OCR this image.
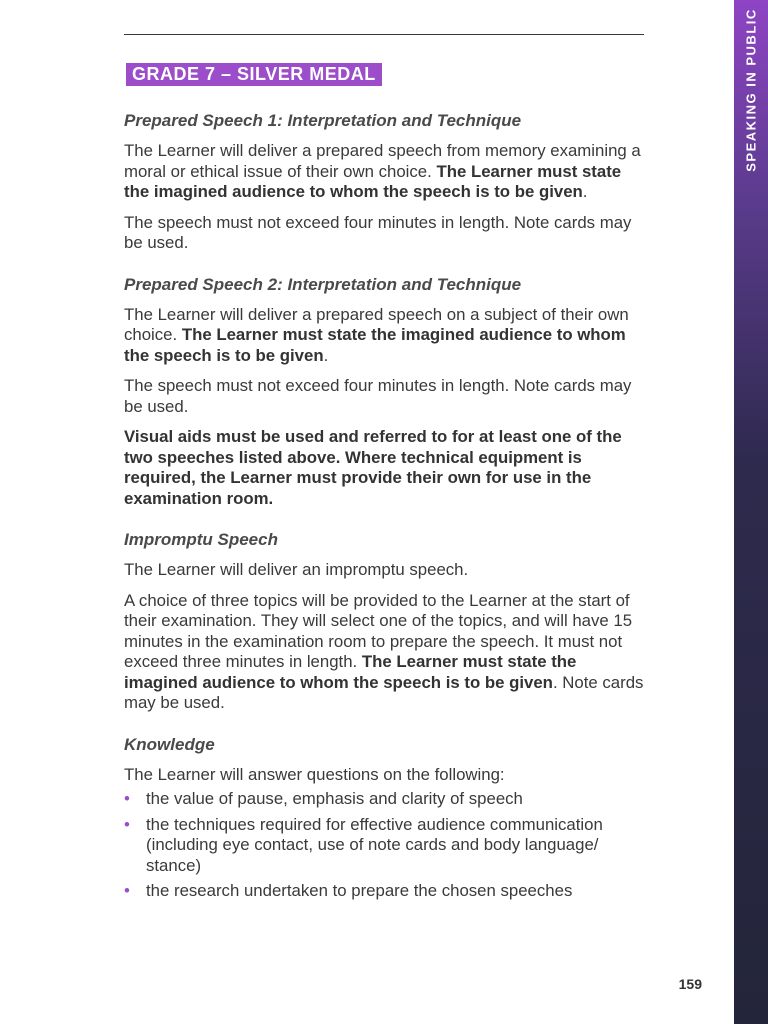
GRADE 7 – SILVER MEDAL
Prepared Speech 1: Interpretation and Technique

The Learner will deliver a prepared speech from memory examining a moral or ethical issue of their own choice. The Learner must state the imagined audience to whom the speech is to be given.

The speech must not exceed four minutes in length. Note cards may be used.

Prepared Speech 2: Interpretation and Technique

The Learner will deliver a prepared speech on a subject of their own choice. The Learner must state the imagined audience to whom the speech is to be given.

The speech must not exceed four minutes in length. Note cards may be used.

Visual aids must be used and referred to for at least one of the two speeches listed above. Where technical equipment is required, the Learner must provide their own for use in the examination room.

Impromptu Speech

The Learner will deliver an impromptu speech.

A choice of three topics will be provided to the Learner at the start of their examination. They will select one of the topics, and will have 15 minutes in the examination room to prepare the speech. It must not exceed three minutes in length. The Learner must state the imagined audience to whom the speech is to be given. Note cards may be used.

Knowledge

The Learner will answer questions on the following:

• the value of pause, emphasis and clarity of speech
• the techniques required for effective audience communication (including eye contact, use of note cards and body language/ stance)
• the research undertaken to prepare the chosen speeches
SPEAKING IN PUBLIC
159
